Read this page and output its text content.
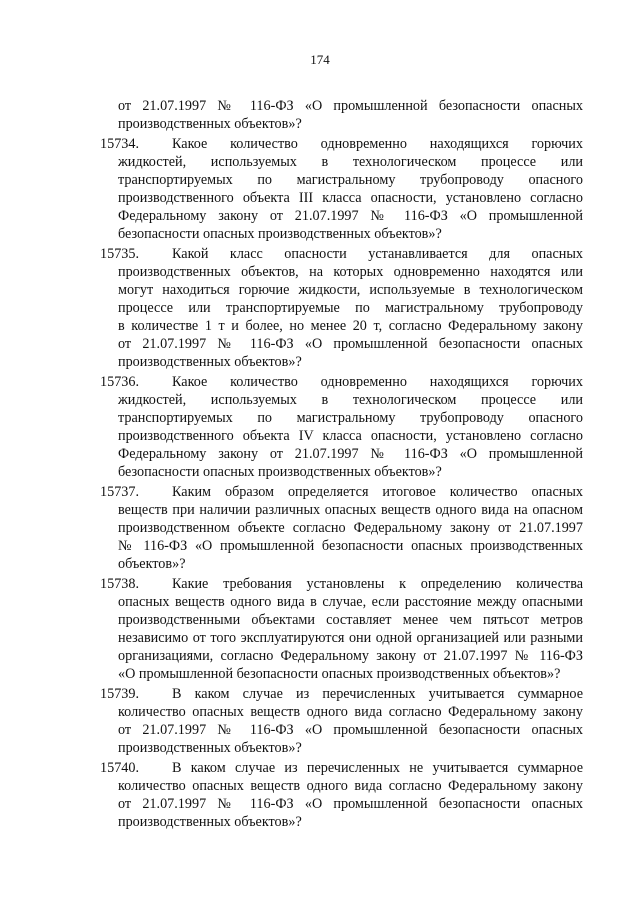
174
от 21.07.1997 № 116-ФЗ «О промышленной безопасности опасных
производственных объектов»?
15734. Какое количество одновременно находящихся горючих
жидкостей, используемых в технологическом процессе или
транспортируемых по магистральному трубопроводу опасного
производственного объекта III класса опасности, установлено согласно
Федеральному закону от 21.07.1997 № 116-ФЗ «О промышленной
безопасности опасных производственных объектов»?
15735. Какой класс опасности устанавливается для опасных
производственных объектов, на которых одновременно находятся или
могут находиться горючие жидкости, используемые в технологическом
процессе или транспортируемые по магистральному трубопроводу
в количестве 1 т и более, но менее 20 т, согласно Федеральному закону
от 21.07.1997 № 116-ФЗ «О промышленной безопасности опасных
производственных объектов»?
15736. Какое количество одновременно находящихся горючих
жидкостей, используемых в технологическом процессе или
транспортируемых по магистральному трубопроводу опасного
производственного объекта IV класса опасности, установлено согласно
Федеральному закону от 21.07.1997 № 116-ФЗ «О промышленной
безопасности опасных производственных объектов»?
15737. Каким образом определяется итоговое количество опасных
веществ при наличии различных опасных веществ одного вида на опасном
производственном объекте согласно Федеральному закону от 21.07.1997
№ 116-ФЗ «О промышленной безопасности опасных производственных
объектов»?
15738. Какие требования установлены к определению количества
опасных веществ одного вида в случае, если расстояние между опасными
производственными объектами составляет менее чем пятьсот метров
независимо от того эксплуатируются они одной организацией или разными
организациями, согласно Федеральному закону от 21.07.1997 № 116-ФЗ
«О промышленной безопасности опасных производственных объектов»?
15739. В каком случае из перечисленных учитывается суммарное
количество опасных веществ одного вида согласно Федеральному закону
от 21.07.1997 № 116-ФЗ «О промышленной безопасности опасных
производственных объектов»?
15740. В каком случае из перечисленных не учитывается суммарное
количество опасных веществ одного вида согласно Федеральному закону
от 21.07.1997 № 116-ФЗ «О промышленной безопасности опасных
производственных объектов»?
